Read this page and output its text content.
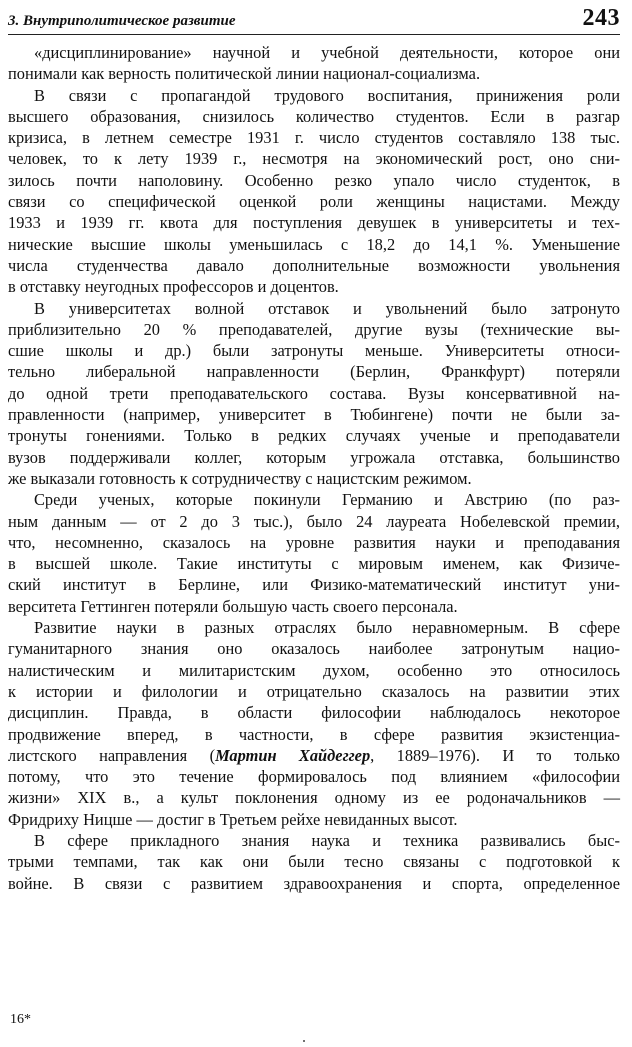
3. Внутриполитическое развитие	243
«дисциплинирование» научной и учебной деятельности, которое они
понимали как верность политической линии национал-социализма.
В связи с пропагандой трудового воспитания, принижения роли
высшего образования, снизилось количество студентов. Если в разгар
кризиса, в летнем семестре 1931 г. число студентов составляло 138 тыс.
человек, то к лету 1939 г., несмотря на экономический рост, оно сни-
зилось почти наполовину. Особенно резко упало число студенток, в
связи со специфической оценкой роли женщины нацистами. Между
1933 и 1939 гг. квота для поступления девушек в университеты и тех-
нические высшие школы уменьшилась с 18,2 до 14,1 %. Уменьшение
числа студенчества давало дополнительные возможности увольнения
в отставку неугодных профессоров и доцентов.
В университетах волной отставок и увольнений было затронуто
приблизительно 20 % преподавателей, другие вузы (технические вы-
сшие школы и др.) были затронуты меньше. Университеты относи-
тельно либеральной направленности (Берлин, Франкфурт) потеряли
до одной трети преподавательского состава. Вузы консервативной на-
правленности (например, университет в Тюбингене) почти не были за-
тронуты гонениями. Только в редких случаях ученые и преподаватели
вузов поддерживали коллег, которым угрожала отставка, большинство
же выказали готовность к сотрудничеству с нацистским режимом.
Среди ученых, которые покинули Германию и Австрию (по раз-
ным данным — от 2 до 3 тыс.), было 24 лауреата Нобелевской премии,
что, несомненно, сказалось на уровне развития науки и преподавания
в высшей школе. Такие институты с мировым именем, как Физиче-
ский институт в Берлине, или Физико-математический институт уни-
верситета Геттинген потеряли большую часть своего персонала.
Развитие науки в разных отраслях было неравномерным. В сфере
гуманитарного знания оно оказалось наиболее затронутым нацио-
налистическим и милитаристским духом, особенно это относилось
к истории и филологии и отрицательно сказалось на развитии этих
дисциплин. Правда, в области философии наблюдалось некоторое
продвижение вперед, в частности, в сфере развития экзистенциа-
листского направления (Мартин Хайдеггер, 1889–1976). И то только
потому, что это течение формировалось под влиянием «философии
жизни» XIX в., а культ поклонения одному из ее родоначальников —
Фридриху Ницше — достиг в Третьем рейхе невиданных высот.
В сфере прикладного знания наука и техника развивались быс-
трыми темпами, так как они были тесно связаны с подготовкой к
войне. В связи с развитием здравоохранения и спорта, определенное
16*
